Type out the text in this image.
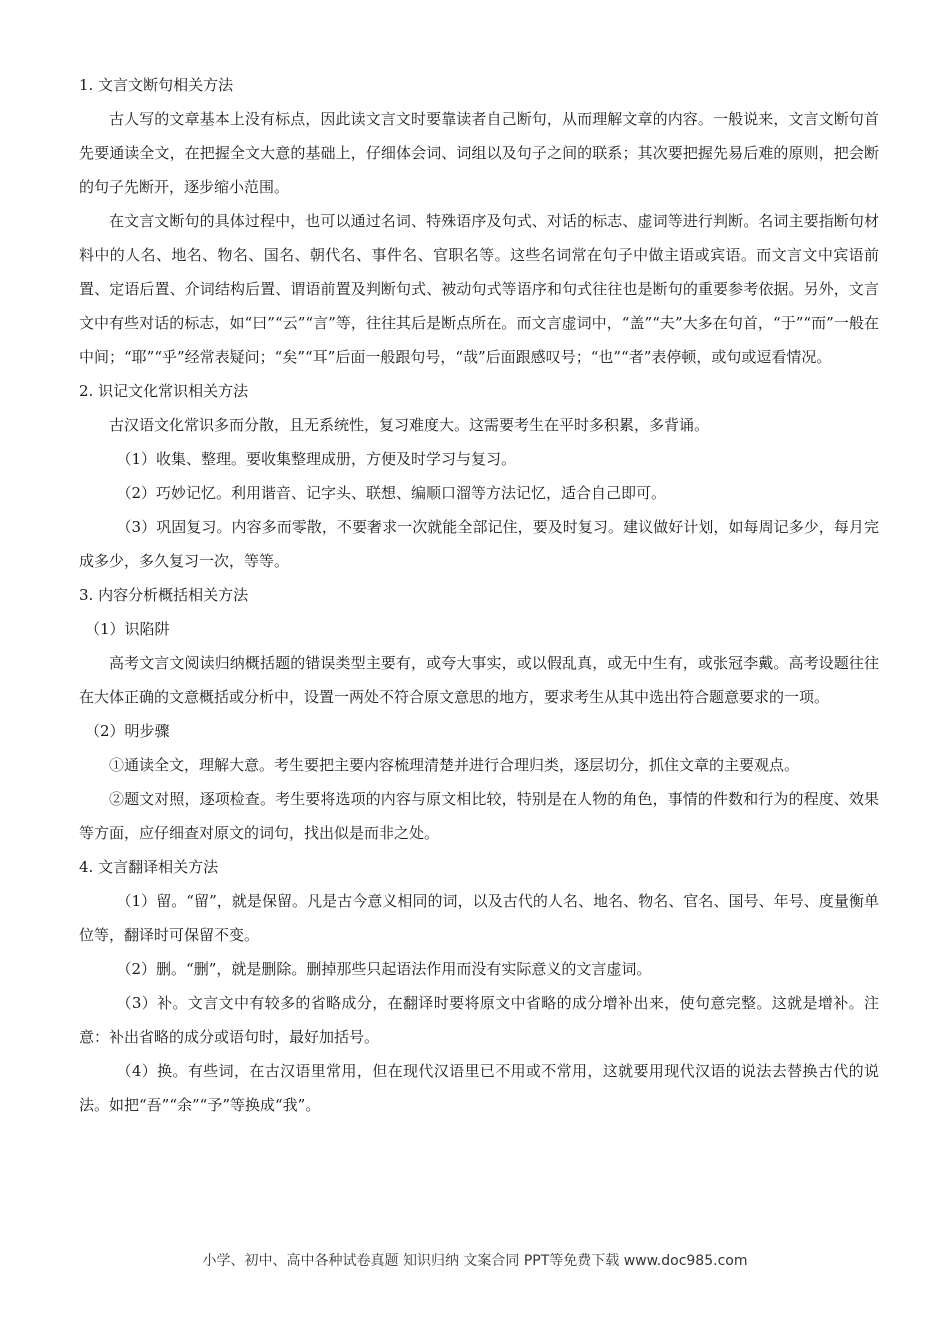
1. 文言文断句相关方法

古人写的文章基本上没有标点，因此读文言文时要靠读者自己断句，从而理解文章的内容。一般说来，文言文断句首先要通读全文，在把握全文大意的基础上，仔细体会词、词组以及句子之间的联系；其次要把握先易后难的原则，把会断的句子先断开，逐步缩小范围。

在文言文断句的具体过程中，也可以通过名词、特殊语序及句式、对话的标志、虚词等进行判断。名词主要指断句材料中的人名、地名、物名、国名、朝代名、事件名、官职名等。这些名词常在句子中做主语或宾语。而文言文中宾语前置、定语后置、介词结构后置、谓语前置及判断句式、被动句式等语序和句式往往也是断句的重要参考依据。另外，文言文中有些对话的标志，如“曰”“云”“言”等，往往其后是断点所在。而文言虚词中，“盖”“夫”大多在句首，“于”“而”一般在中间；“耶”“乎”经常表疑问；“矣”“耳”后面一般跟句号，“哉”后面跟感叹号；“也”“者”表停顿，或句或逗看情况。

2. 识记文化常识相关方法

古汉语文化常识多而分散，且无系统性，复习难度大。这需要考生在平时多积累，多背诵。

（1）收集、整理。要收集整理成册，方便及时学习与复习。

（2）巧妙记忆。利用谐音、记字头、联想、编顺口溜等方法记忆，适合自己即可。

（3）巩固复习。内容多而零散，不要奢求一次就能全部记住，要及时复习。建议做好计划，如每周记多少，每月完成多少，多久复习一次，等等。

3. 内容分析概括相关方法

（1）识陷阱

高考文言文阅读归纳概括题的错误类型主要有，或夸大事实，或以假乱真，或无中生有，或张冠李戴。高考设题往往在大体正确的文意概括或分析中，设置一两处不符合原文意思的地方，要求考生从其中选出符合题意要求的一项。

（2）明步骤

①通读全文，理解大意。考生要把主要内容梳理清楚并进行合理归类，逐层切分，抓住文章的主要观点。

②题文对照，逐项检查。考生要将选项的内容与原文相比较，特别是在人物的角色，事情的件数和行为的程度、效果等方面，应仔细查对原文的词句，找出似是而非之处。

4. 文言翻译相关方法

（1）留。“留”，就是保留。凡是古今意义相同的词，以及古代的人名、地名、物名、官名、国号、年号、度量衡单位等，翻译时可保留不变。

（2）删。“删”，就是删除。删掉那些只起语法作用而没有实际意义的文言虚词。

（3）补。文言文中有较多的省略成分，在翻译时要将原文中省略的成分增补出来，使句意完整。这就是增补。注意：补出省略的成分或语句时，最好加括号。

（4）换。有些词，在古汉语里常用，但在现代汉语里已不用或不常用，这就要用现代汉语的说法去替换古代的说法。如把“吾”“余”“予”等换成“我”。

小学、初中、高中各种试卷真题 知识归纳 文案合同 PPT等免费下载 www.doc985.com
